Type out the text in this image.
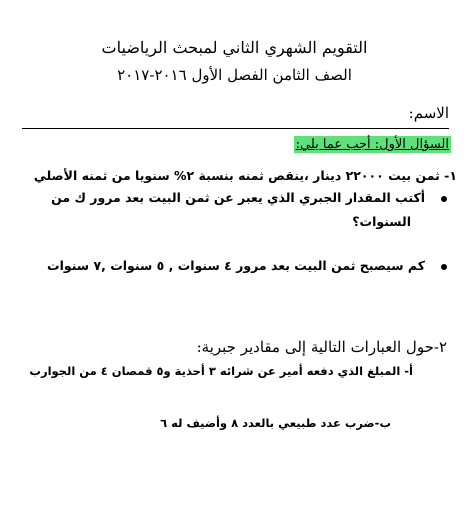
التقويم الشهري الثاني لمبحث الرياضيات
الصف الثامن الفصل الأول ٢٠١٦-٢٠١٧
الاسم:
السؤال الأول: أجب عما يلي:
١- ثمن بيت ٢٢٠٠٠ دينار ،ينقص ثمنه بنسبة ٢% سنويا من ثمنه الأصلي
أكتب المقدار الجبري الذي يعبر عن ثمن البيت بعد مرور ك من
السنوات؟
كم سيصبح ثمن البيت بعد مرور ٤ سنوات , ٥ سنوات ,٧ سنوات
٢-حول العبارات التالية إلى مقادير جبرية:
أ- المبلغ الذي دفعه أمير عن شرائه ٣ أحذية و٥ قمصان ٤ من الجوارب
ب-ضرب عدد طبيعي بالعدد ٨ وأضيف له ٦
